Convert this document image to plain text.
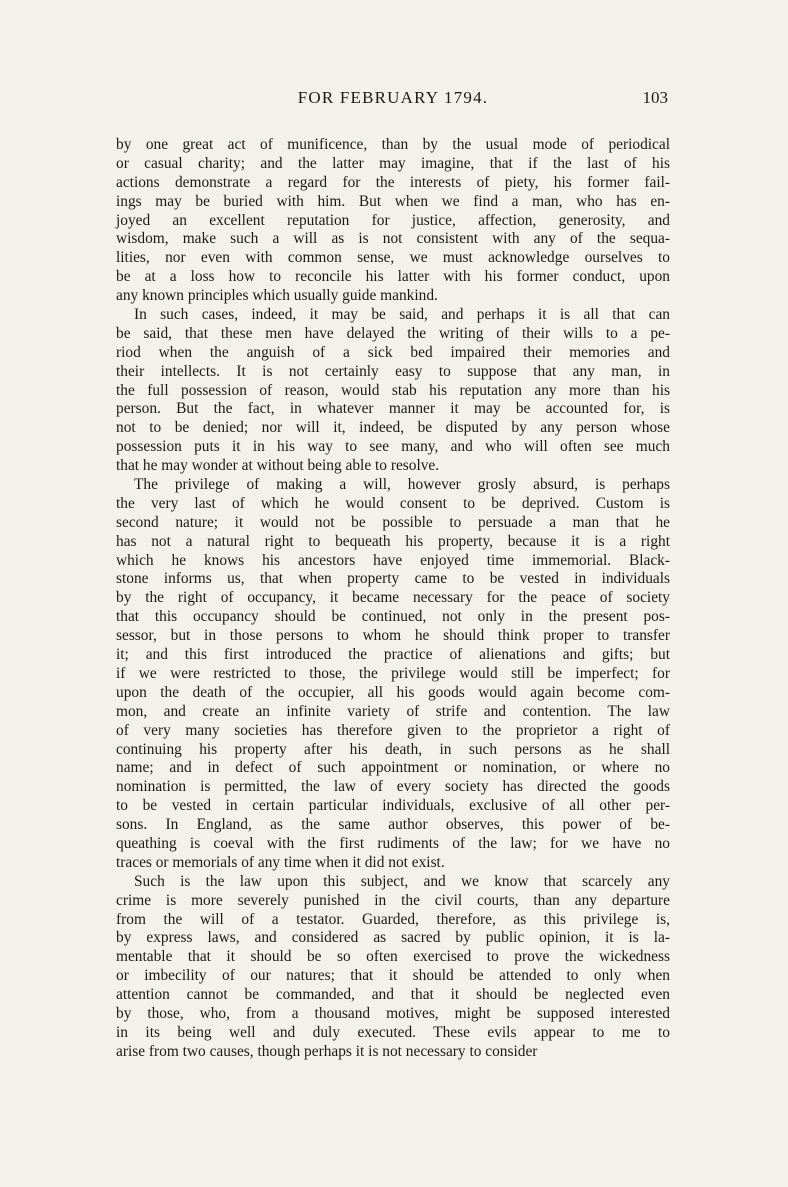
FOR FEBRUARY 1794.	103
by one great act of munificence, than by the usual mode of periodical
or casual charity; and the latter may imagine, that if the last of his
actions demonstrate a regard for the interests of piety, his former fail-
ings may be buried with him. But when we find a man, who has en-
joyed an excellent reputation for justice, affection, generosity, and
wisdom, make such a will as is not consistent with any of the sequa-
lities, nor even with common sense, we must acknowledge ourselves to
be at a loss how to reconcile his latter with his former conduct, upon
any known principles which usually guide mankind.
In such cases, indeed, it may be said, and perhaps it is all that can
be said, that these men have delayed the writing of their wills to a pe-
riod when the anguish of a sick bed impaired their memories and
their intellects. It is not certainly easy to suppose that any man, in
the full possession of reason, would stab his reputation any more than his
person. But the fact, in whatever manner it may be accounted for, is
not to be denied; nor will it, indeed, be disputed by any person whose
possession puts it in his way to see many, and who will often see much
that he may wonder at without being able to resolve.
The privilege of making a will, however grosly absurd, is perhaps
the very last of which he would consent to be deprived. Custom is
second nature; it would not be possible to persuade a man that he
has not a natural right to bequeath his property, because it is a right
which he knows his ancestors have enjoyed time immemorial. Black-
stone informs us, that when property came to be vested in individuals
by the right of occupancy, it became necessary for the peace of society
that this occupancy should be continued, not only in the present pos-
sessor, but in those persons to whom he should think proper to transfer
it; and this first introduced the practice of alienations and gifts; but
if we were restricted to those, the privilege would still be imperfect; for
upon the death of the occupier, all his goods would again become com-
mon, and create an infinite variety of strife and contention. The law
of very many societies has therefore given to the proprietor a right of
continuing his property after his death, in such persons as he shall
name; and in defect of such appointment or nomination, or where no
nomination is permitted, the law of every society has directed the goods
to be vested in certain particular individuals, exclusive of all other per-
sons. In England, as the same author observes, this power of be-
queathing is coeval with the first rudiments of the law; for we have no
traces or memorials of any time when it did not exist.
Such is the law upon this subject, and we know that scarcely any
crime is more severely punished in the civil courts, than any departure
from the will of a testator. Guarded, therefore, as this privilege is,
by express laws, and considered as sacred by public opinion, it is la-
mentable that it should be so often exercised to prove the wickedness
or imbecility of our natures; that it should be attended to only when
attention cannot be commanded, and that it should be neglected even
by those, who, from a thousand motives, might be supposed interested
in its being well and duly executed. These evils appear to me to
arise from two causes, though perhaps it is not necessary to consider
